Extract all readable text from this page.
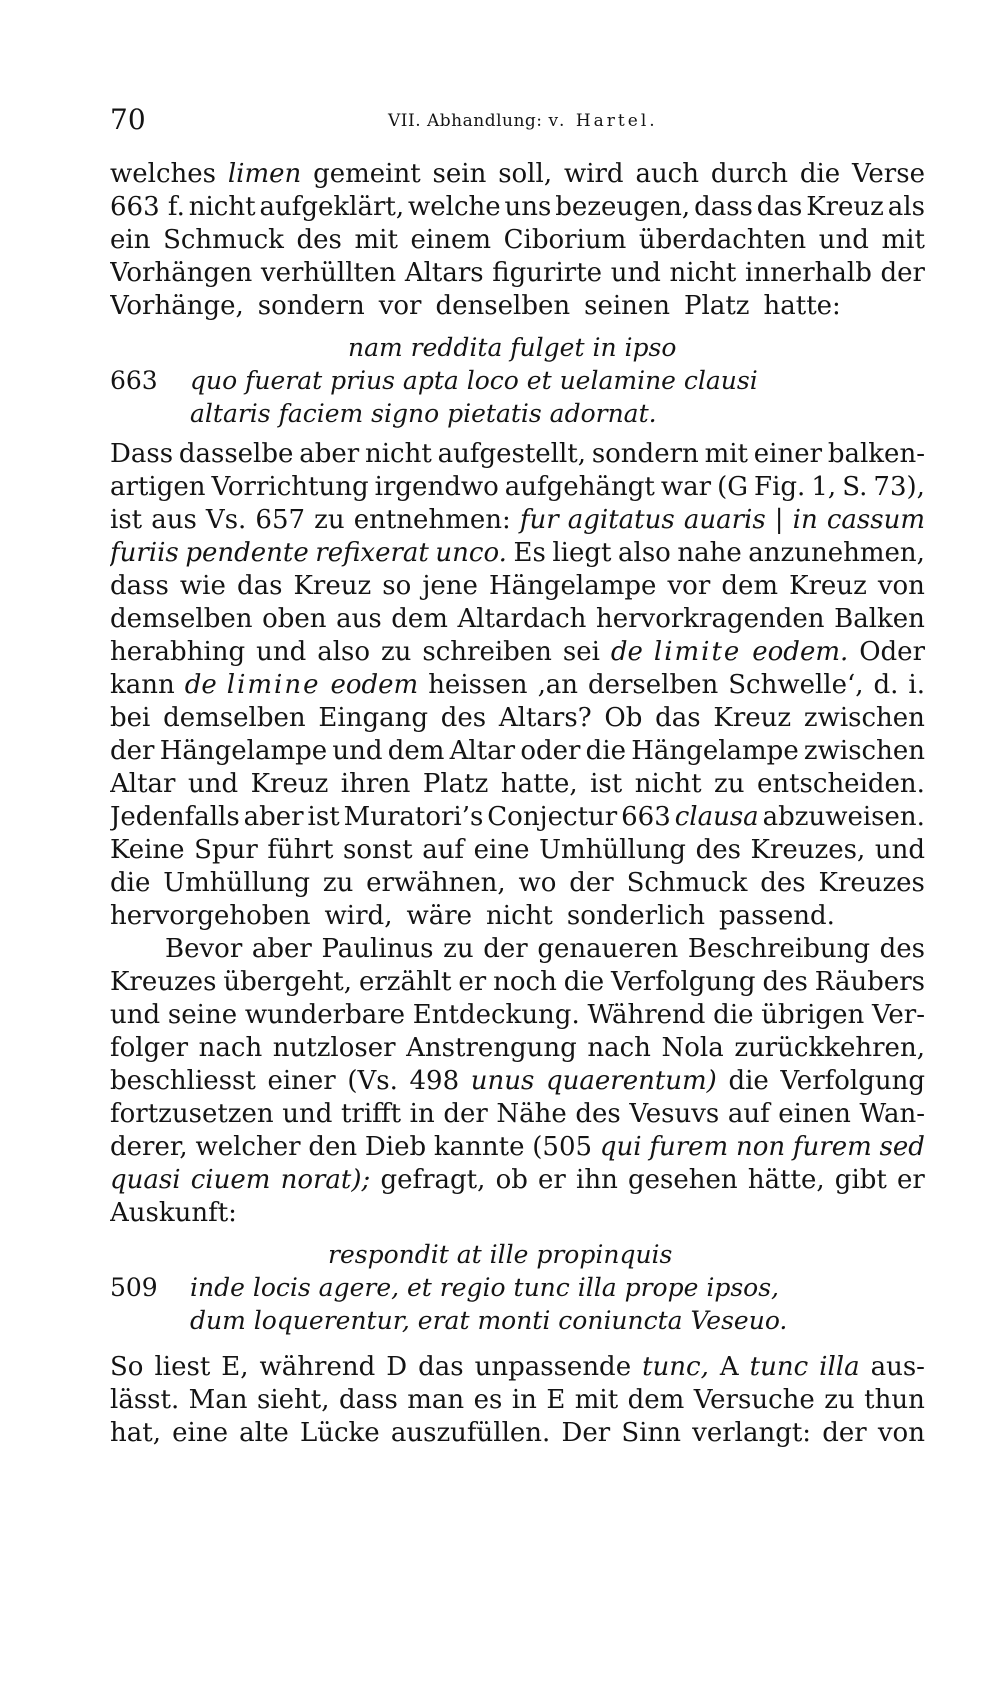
70	VII. Abhandlung: v. Hartel.
welches limen gemeint sein soll, wird auch durch die Verse
663 f. nicht aufgeklärt, welche uns bezeugen, dass das Kreuz als
ein Schmuck des mit einem Ciborium überdachten und mit
Vorhängen verhüllten Altars figurirte und nicht innerhalb der
Vorhänge, sondern vor denselben seinen Platz hatte:
nam reddita fulget in ipso
663 quo fuerat prius apta loco et uelamine clausi
altaris faciem signo pietatis adornat.
Dass dasselbe aber nicht aufgestellt, sondern mit einer balken-
artigen Vorrichtung irgendwo aufgehängt war (G Fig. 1, S. 73),
ist aus Vs. 657 zu entnehmen: fur agitatus auaris | in cassum
furiis pendente refixerat unco. Es liegt also nahe anzunehmen,
dass wie das Kreuz so jene Hängelampe vor dem Kreuz von
demselben oben aus dem Altardach hervorkragenden Balken
herabhing und also zu schreiben sei de limite eodem. Oder
kann de limine eodem heissen ‚an derselben Schwelle‘, d. i.
bei demselben Eingang des Altars? Ob das Kreuz zwischen
der Hängelampe und dem Altar oder die Hängelampe zwischen
Altar und Kreuz ihren Platz hatte, ist nicht zu entscheiden.
Jedenfalls aber ist Muratori’s Conjectur 663 clausa abzuweisen.
Keine Spur führt sonst auf eine Umhüllung des Kreuzes, und
die Umhüllung zu erwähnen, wo der Schmuck des Kreuzes
hervorgehoben wird, wäre nicht sonderlich passend.
Bevor aber Paulinus zu der genaueren Beschreibung des
Kreuzes übergeht, erzählt er noch die Verfolgung des Räubers
und seine wunderbare Entdeckung. Während die übrigen Ver-
folger nach nutzloser Anstrengung nach Nola zurückkehren,
beschliesst einer (Vs. 498 unus quaerentum) die Verfolgung
fortzusetzen und trifft in der Nähe des Vesuvs auf einen Wan-
derer, welcher den Dieb kannte (505 qui furem non furem sed
quasi ciuem norat); gefragt, ob er ihn gesehen hätte, gibt er
Auskunft:
respondit at ille propinquis
509 inde locis agere, et regio tunc illa prope ipsos,
dum loquerentur, erat monti coniuncta Veseuo.
So liest E, während D das unpassende tunc, A tunc illa aus-
lässt. Man sieht, dass man es in E mit dem Versuche zu thun
hat, eine alte Lücke auszufüllen. Der Sinn verlangt: der von
